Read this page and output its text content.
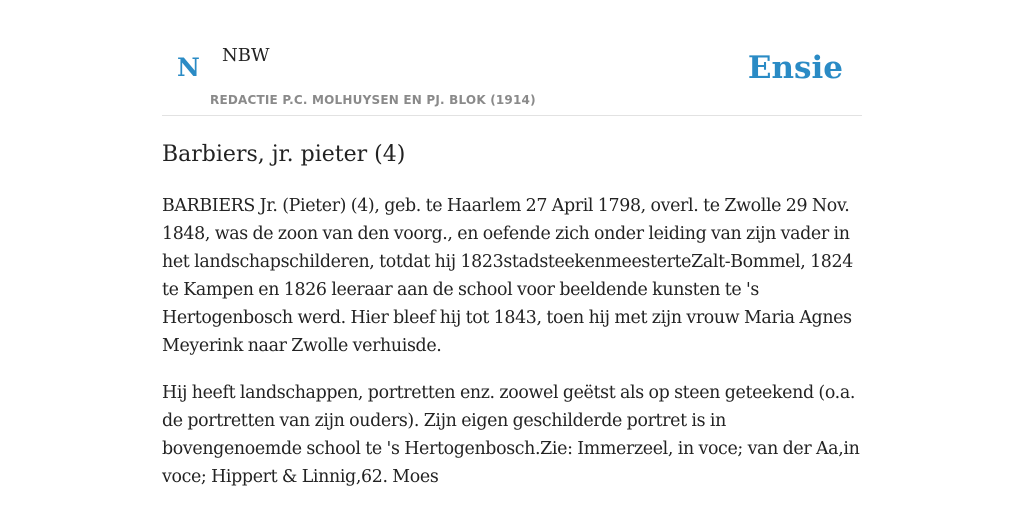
N NBW
REDACTIE P.C. MOLHUYSEN EN PJ. BLOK (1914)
Ensie
Barbiers, jr. pieter (4)

BARBIERS Jr. (Pieter) (4), geb. te Haarlem 27 April 1798, overl. te Zwolle 29 Nov. 1848, was de zoon van den voorg., en oefende zich onder leiding van zijn vader in het landschapschilderen, totdat hij 1823stadsteekenmeesterteZalt-Bommel, 1824 te Kampen en 1826 leeraar aan de school voor beeldende kunsten te 's Hertogenbosch werd. Hier bleef hij tot 1843, toen hij met zijn vrouw Maria Agnes Meyerink naar Zwolle verhuisde.

Hij heeft landschappen, portretten enz. zoowel geëtst als op steen geteekend (o.a. de portretten van zijn ouders). Zijn eigen geschilderde portret is in bovengenoemde school te 's Hertogenbosch.Zie: Immerzeel, in voce; van der Aa,in voce; Hippert & Linnig,62. Moes
